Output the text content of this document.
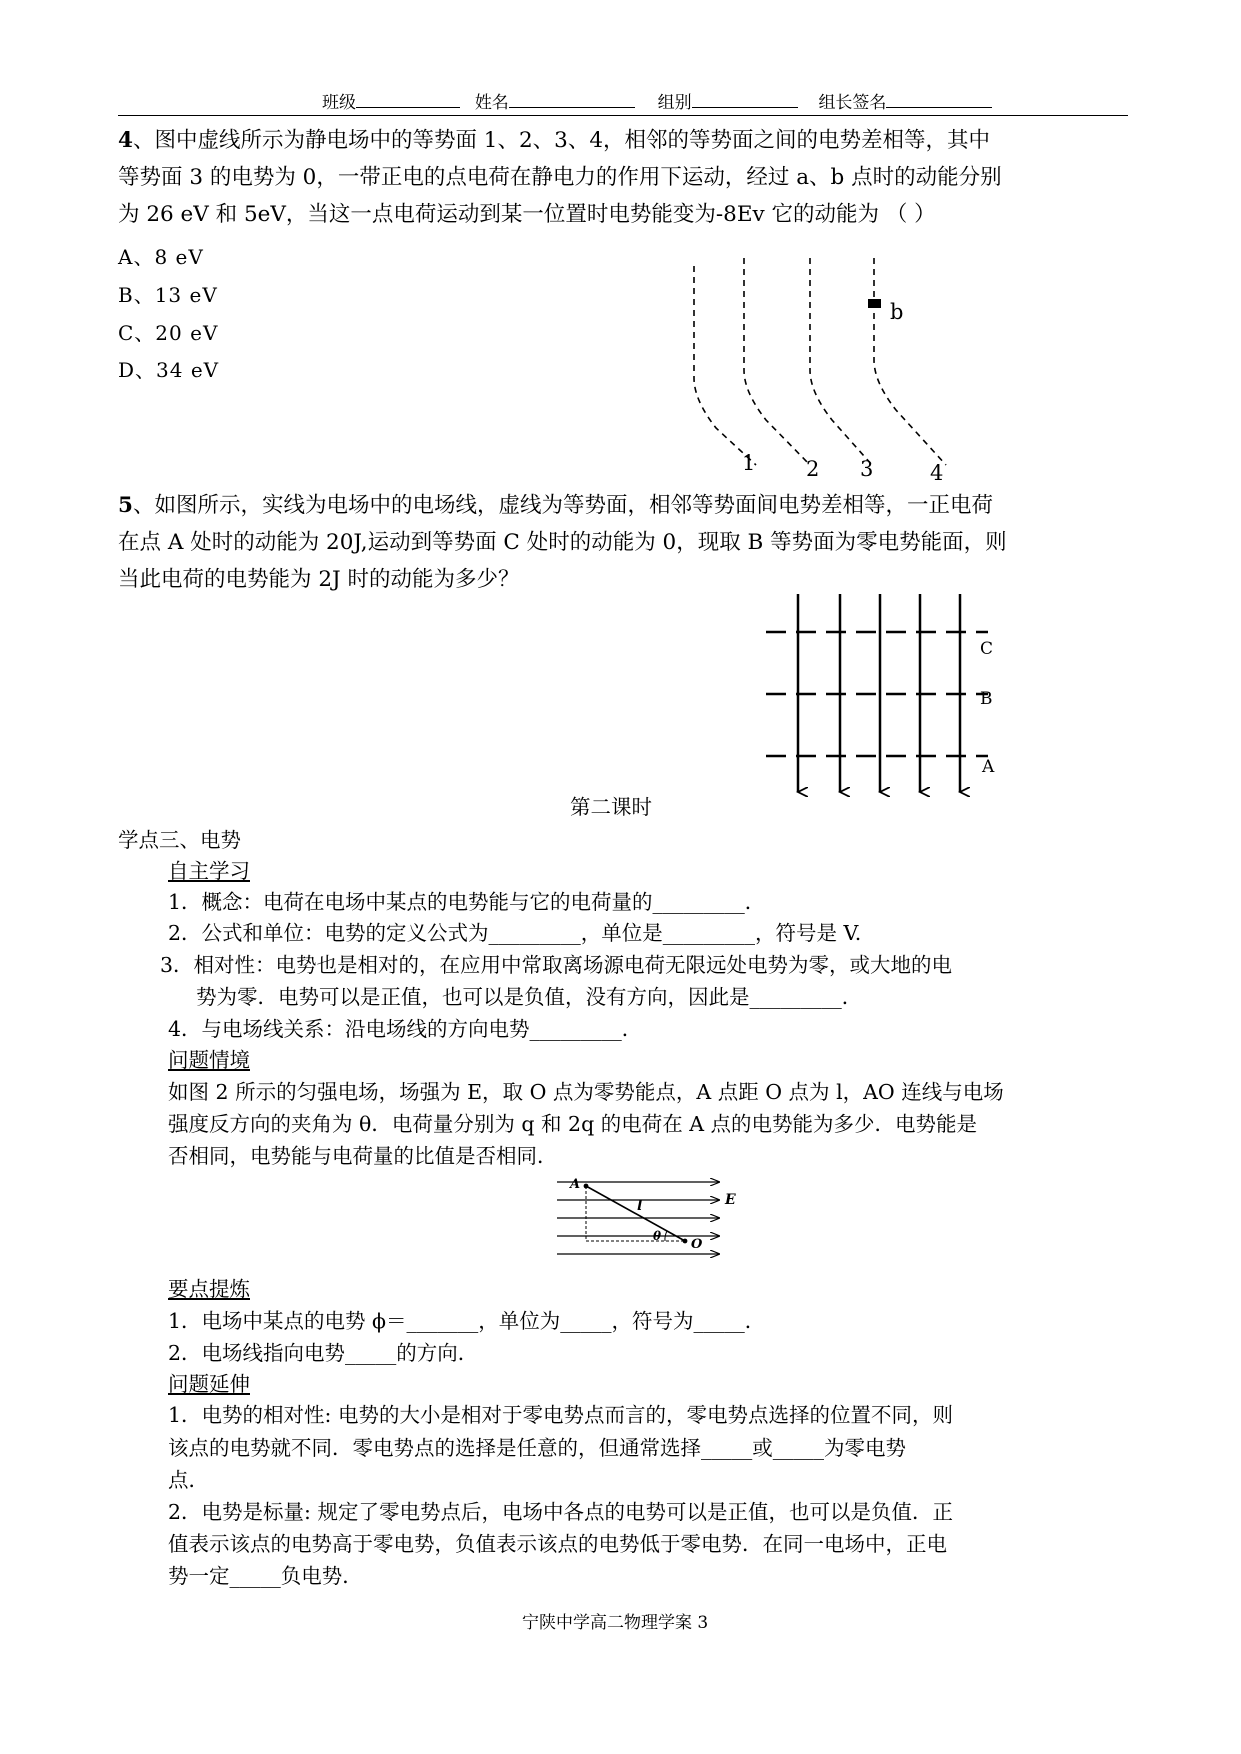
班级	姓名	组别	组长签名
4、图中虚线所示为静电场中的等势面 1、2、3、4，相邻的等势面之间的电势差相等，其中
等势面 3 的电势为 0，一带正电的点电荷在静电力的作用下运动，经过 a、b 点时的动能分别
为 26 eV 和 5eV，当这一点电荷运动到某一位置时电势能变为-8Ev 它的动能为 （ ）
A、8 eV
B、13 eV
C、20 eV
D、34 eV
b
1 2 3	4
5、如图所示，实线为电场中的电场线，虚线为等势面，相邻等势面间电势差相等，一正电荷
在点 A 处时的动能为 20J,运动到等势面 C 处时的动能为 0，现取 B 等势面为零电势能面，则
当此电荷的电势能为 2J 时的动能为多少？
C
B
A
第二课时
学点三、电势
自主学习
1．概念：电荷在电场中某点的电势能与它的电荷量的_________．
2．公式和单位：电势的定义公式为_________，单位是_________，符号是 V.
3．相对性：电势也是相对的，在应用中常取离场源电荷无限远处电势为零，或大地的电
势为零．电势可以是正值，也可以是负值，没有方向，因此是_________．
4．与电场线关系：沿电场线的方向电势_________．
问题情境
如图 2 所示的匀强电场，场强为 E，取 O 点为零势能点，A 点距 O 点为 l，AO 连线与电场
强度反方向的夹角为 θ．电荷量分别为 q 和 2q 的电荷在 A 点的电势能为多少．电势能是
否相同，电势能与电荷量的比值是否相同．
A
l	E
θ
O
要点提炼
1．电场中某点的电势 ϕ＝_______，单位为_____，符号为_____．
2．电场线指向电势_____的方向．
问题延伸
1．电势的相对性: 电势的大小是相对于零电势点而言的，零电势点选择的位置不同，则
该点的电势就不同．零电势点的选择是任意的，但通常选择_____或_____为零电势
点．
2．电势是标量: 规定了零电势点后，电场中各点的电势可以是正值，也可以是负值．正
值表示该点的电势高于零电势，负值表示该点的电势低于零电势．在同一电场中，正电
势一定_____负电势．
宁陕中学高二物理学案 3
